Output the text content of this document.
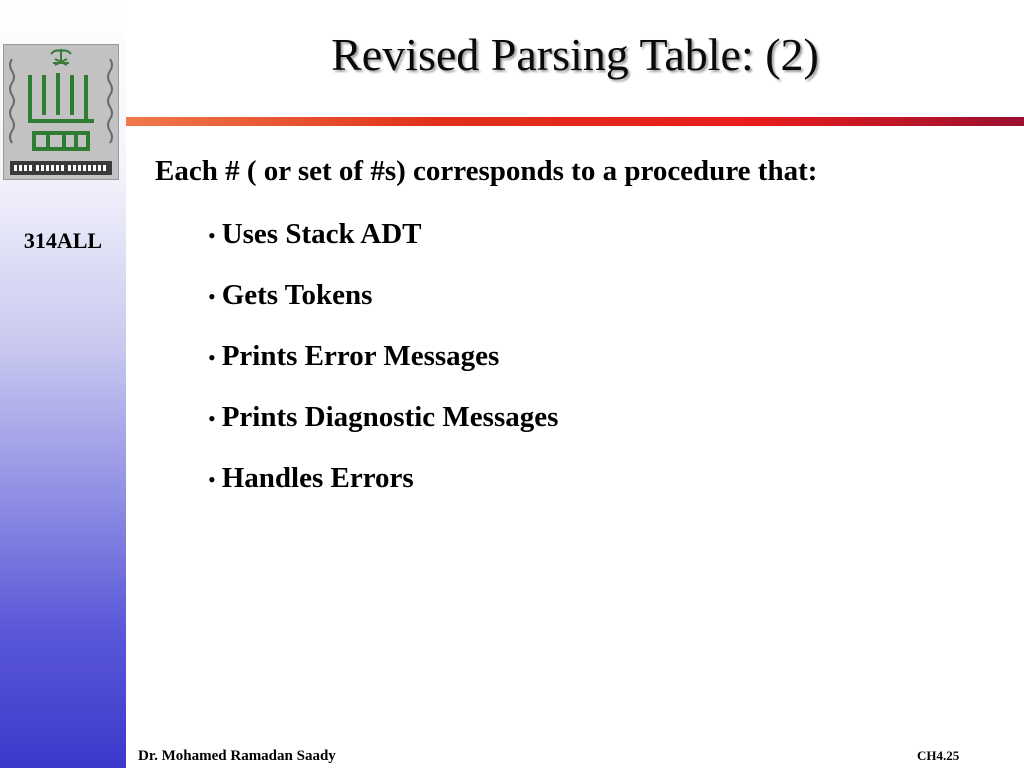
314ALL
Revised Parsing Table: (2)
Each # ( or set of #s) corresponds to a procedure that:
• Uses Stack ADT
• Gets Tokens
• Prints Error Messages
• Prints Diagnostic Messages
• Handles Errors
Dr. Mohamed Ramadan Saady	CH4.25
